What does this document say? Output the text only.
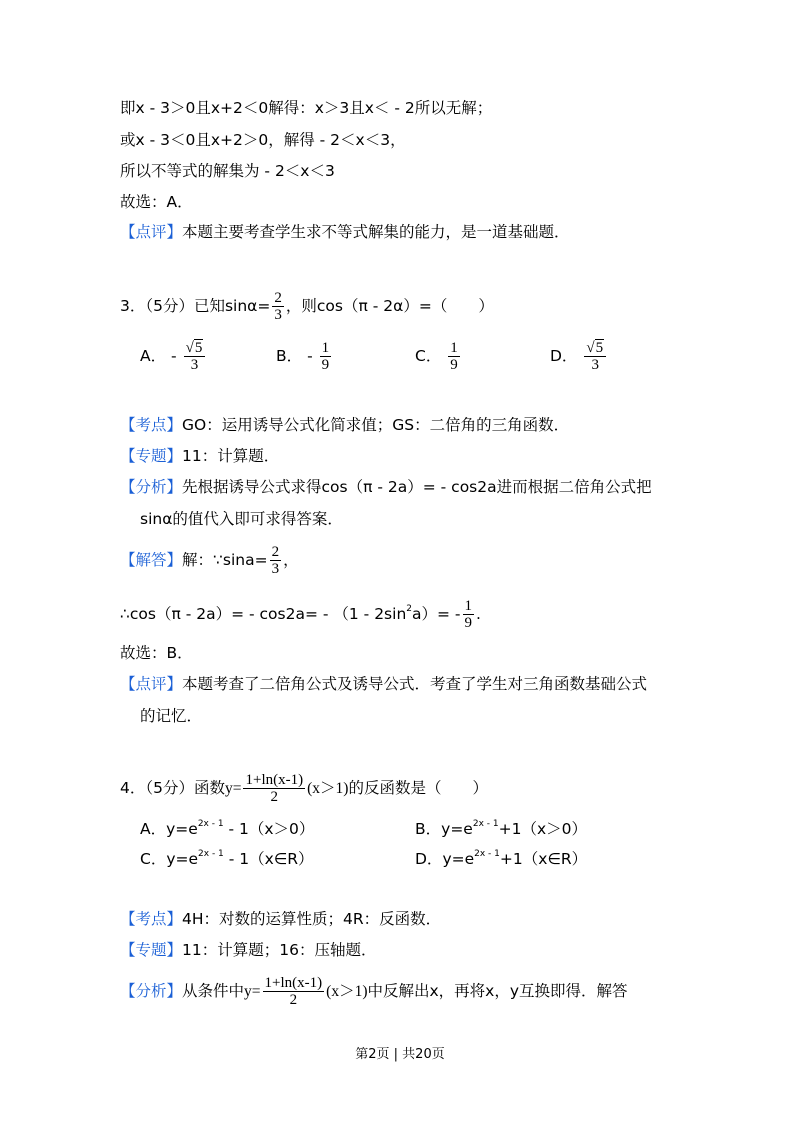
即x - 3＞0且x+2＜0解得：x＞3且x＜ - 2所以无解；
或x - 3＜0且x+2＞0，解得 - 2＜x＜3，
所以不等式的解集为 - 2＜x＜3
故选：A．
【点评】本题主要考查学生求不等式解集的能力，是一道基础题．
3．（5分）已知$\sin\alpha= \frac{2}{3}$ ，则cos（π - 2α）=（　　）
A． - $\frac{√5}{3}$	B． - $\frac{1}{9}$	C． $\frac{1}{9}$	D． $\frac{√5}{3}$
【考点】GO：运用诱导公式化简求值；GS：二倍角的三角函数．
【专题】11：计算题．
【分析】先根据诱导公式求得cos（π - 2a）= - cos2a进而根据二倍角公式把
sinα的值代入即可求得答案．
【解答】解：∵sina= $\frac{2}{3}$ ，
∴cos（π - $2a)= - \cos 2a= - (1 - 2\sin^2a)= - \frac{1}{9}$ .
故选：B．
【点评】本题考查了二倍角公式及诱导公式．考查了学生对三角函数基础公式
的记忆．
4．（5分）函数$y= \frac{1+\ln(x-1)}{2} (x>1)$的反函数是（　　）
A．$y=e^{2x - 1} - 1(x>0)$	B．$y=e^{2x - 1}+1(x>0)$
C．$y=e^{2x - 1}$ - 1（x∈R）	D．$y=e^{2x - 1}+1(x\in R)$
【考点】4H：对数的运算性质；4R：反函数．
【专题】11：计算题；16：压轴题．
【分析】从条件中$y= \frac{1+\ln(x-1)}{2} (x>1)$中反解出x，再将x，y互换即得．解答
第2页 | 共20页
